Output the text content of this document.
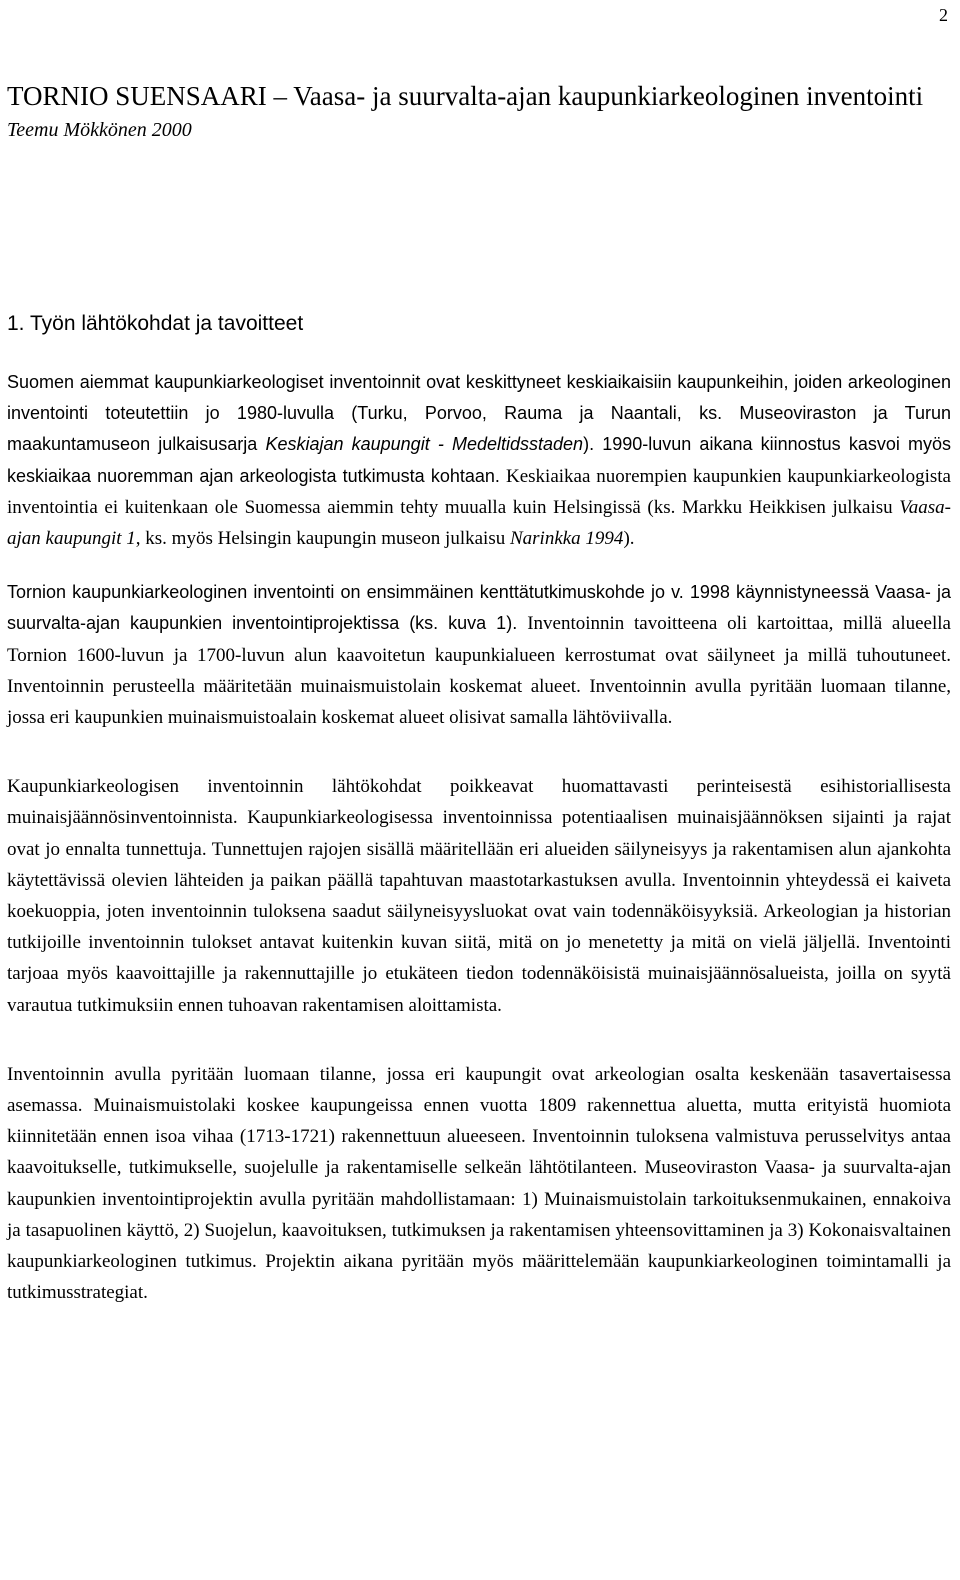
2
TORNIO SUENSAARI – Vaasa- ja suurvalta-ajan kaupunkiarkeologinen inventointi
Teemu Mökkönen 2000
1. Työn lähtökohdat ja tavoitteet

Suomen aiemmat kaupunkiarkeologiset inventoinnit ovat keskittyneet keskiaikaisiin kaupunkeihin, joiden arkeologinen inventointi toteutettiin jo 1980-luvulla (Turku, Porvoo, Rauma ja Naantali, ks. Museoviraston ja Turun maakuntamuseon julkaisusarja Keskiajan kaupungit - Medeltidsstaden). 1990-luvun aikana kiinnostus kasvoi myös keskiaikaa nuoremman ajan arkeologista tutkimusta kohtaan. Keskiaikaa nuorempien kaupunkien kaupunkiarkeologista inventointia ei kuitenkaan ole Suomessa aiemmin tehty muualla kuin Helsingissä (ks. Markku Heikkisen julkaisu Vaasa-ajan kaupungit 1, ks. myös Helsingin kaupungin museon julkaisu Narinkka 1994).

Tornion kaupunkiarkeologinen inventointi on ensimmäinen kenttätutkimuskohde jo v. 1998 käynnistyneessä Vaasa- ja suurvalta-ajan kaupunkien inventointiprojektissa (ks. kuva 1). Inventoinnin tavoitteena oli kartoittaa, millä alueella Tornion 1600-luvun ja 1700-luvun alun kaavoitetun kaupunkialueen kerrostumat ovat säilyneet ja millä tuhoutuneet. Inventoinnin perusteella määritetään muinaismuistolain koskemat alueet. Inventoinnin avulla pyritään luomaan tilanne, jossa eri kaupunkien muinaismuistoalain koskemat alueet olisivat samalla lähtöviivalla.

Kaupunkiarkeologisen inventoinnin lähtökohdat poikkeavat huomattavasti perinteisestä esihistoriallisesta muinaisjäännösinventoinnista. Kaupunkiarkeologisessa inventoinnissa potentiaalisen muinaisjäännöksen sijainti ja rajat ovat jo ennalta tunnettuja. Tunnettujen rajojen sisällä määritellään eri alueiden säilyneisyys ja rakentamisen alun ajankohta käytettävissä olevien lähteiden ja paikan päällä tapahtuvan maastotarkastuksen avulla. Inventoinnin yhteydessä ei kaiveta koekuoppia, joten inventoinnin tuloksena saadut säilyneisyysluokat ovat vain todennäköisyyksiä. Arkeologian ja historian tutkijoille inventoinnin tulokset antavat kuitenkin kuvan siitä, mitä on jo menetetty ja mitä on vielä jäljellä. Inventointi tarjoaa myös kaavoittajille ja rakennuttajille jo etukäteen tiedon todennäköisistä muinaisjäännösalueista, joilla on syytä varautua tutkimuksiin ennen tuhoavan rakentamisen aloittamista.

Inventoinnin avulla pyritään luomaan tilanne, jossa eri kaupungit ovat arkeologian osalta keskenään tasavertaisessa asemassa. Muinaismuistolaki koskee kaupungeissa ennen vuotta 1809 rakennettua aluetta, mutta erityistä huomiota kiinnitetään ennen isoa vihaa (1713-1721) rakennettuun alueeseen. Inventoinnin tuloksena valmistuva perusselvitys antaa kaavoitukselle, tutkimukselle, suojelulle ja rakentamiselle selkeän lähtötilanteen. Museoviraston Vaasa- ja suurvalta-ajan kaupunkien inventointiprojektin avulla pyritään mahdollistamaan: 1) Muinaismuistolain tarkoituksenmukainen, ennakoiva ja tasapuolinen käyttö, 2) Suojelun, kaavoituksen, tutkimuksen ja rakentamisen yhteensovittaminen ja 3) Kokonaisvaltainen kaupunkiarkeologinen tutkimus. Projektin aikana pyritään myös määrittelemään kaupunkiarkeologinen toimintamalli ja tutkimusstrategiat.
